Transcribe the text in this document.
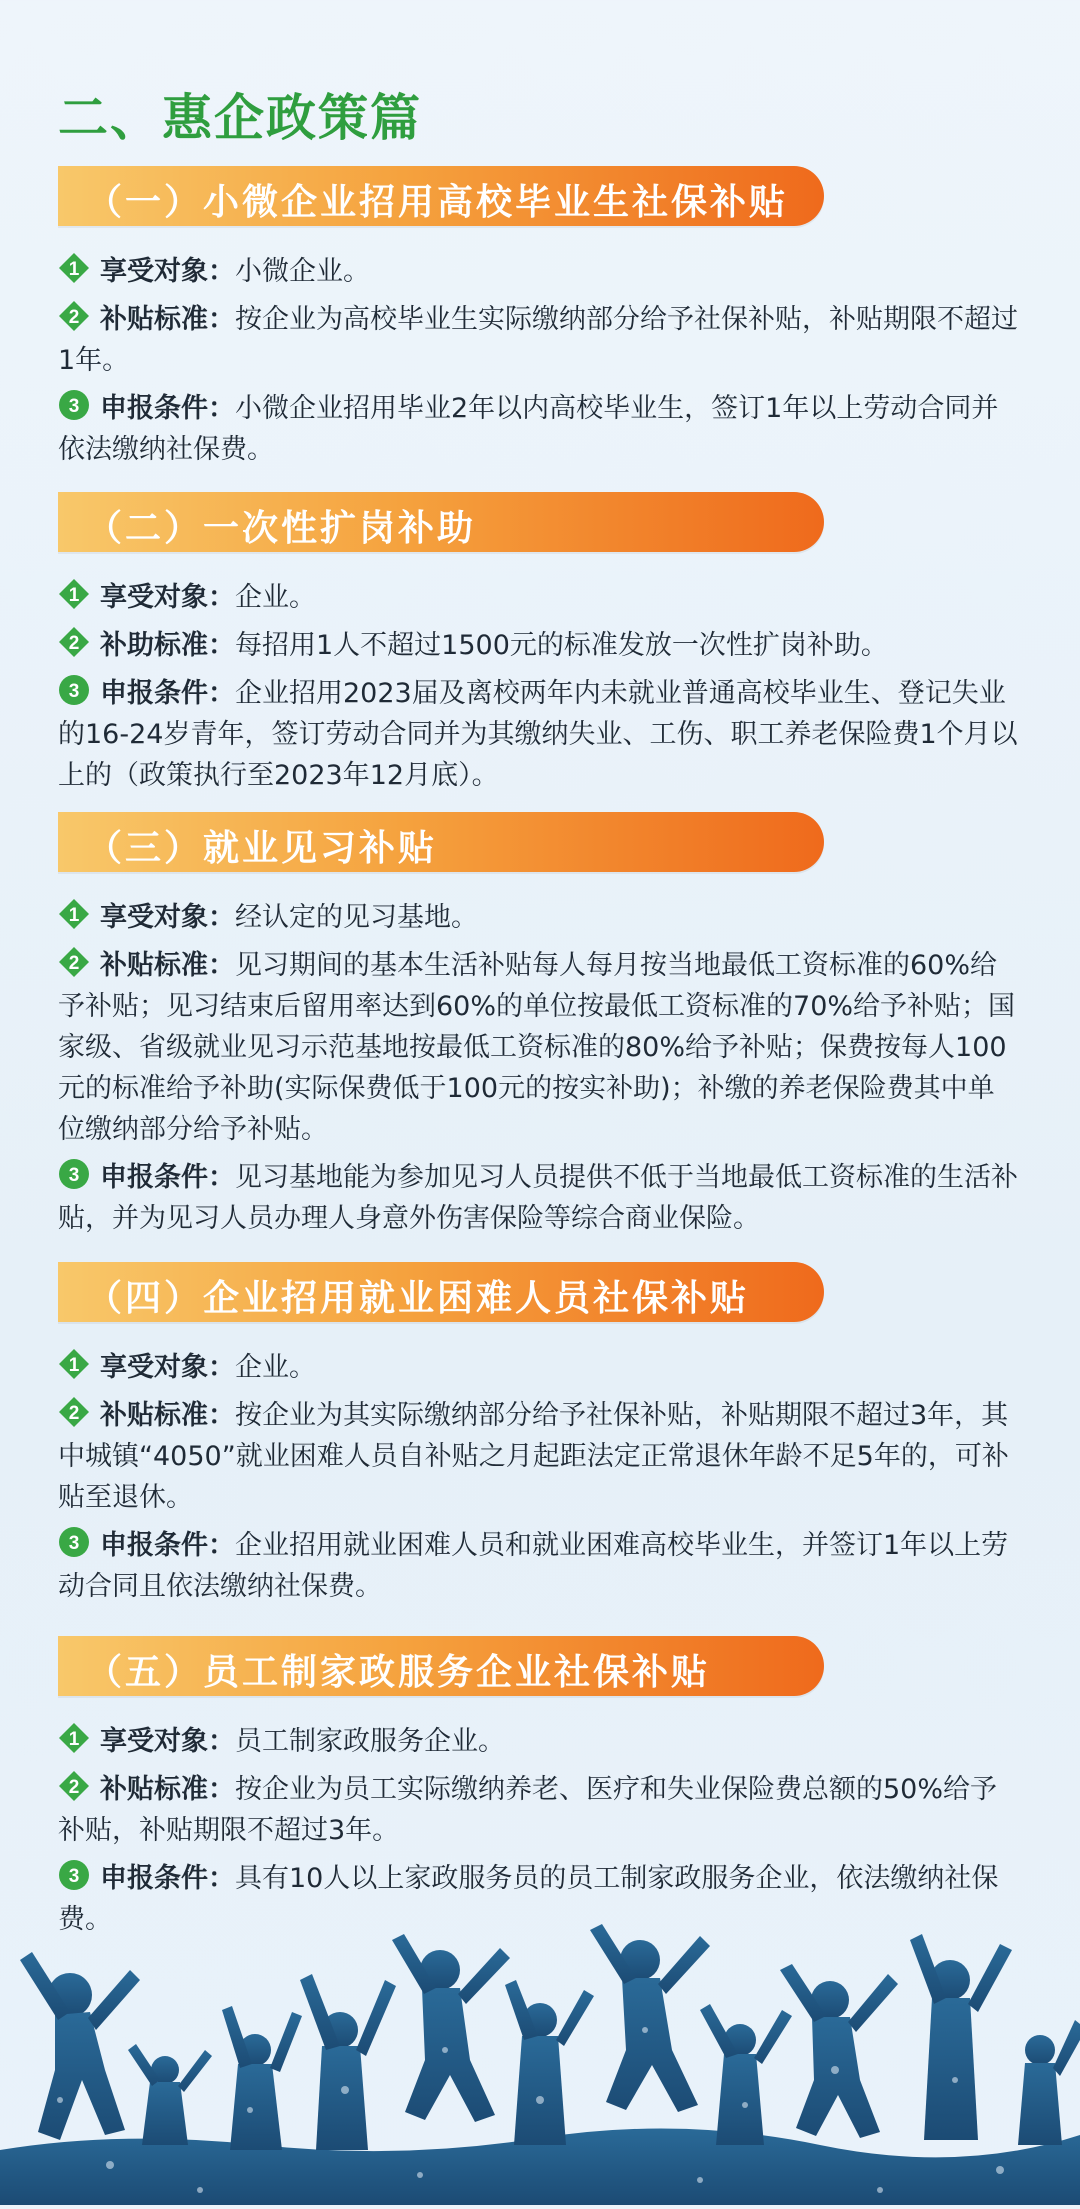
二、惠企政策篇
（一）小微企业招用高校毕业生社保补贴
1 享受对象：小微企业。
2 补贴标准：按企业为高校毕业生实际缴纳部分给予社保补贴，补贴期限不超过1年。
3 申报条件：小微企业招用毕业2年以内高校毕业生，签订1年以上劳动合同并依法缴纳社保费。
（二）一次性扩岗补助
1 享受对象：企业。
2 补助标准：每招用1人不超过1500元的标准发放一次性扩岗补助。
3 申报条件：企业招用2023届及离校两年内未就业普通高校毕业生、登记失业的16-24岁青年，签订劳动合同并为其缴纳失业、工伤、职工养老保险费1个月以上的（政策执行至2023年12月底）。
（三）就业见习补贴
1 享受对象：经认定的见习基地。
2 补贴标准：见习期间的基本生活补贴每人每月按当地最低工资标准的60%给予补贴；见习结束后留用率达到60%的单位按最低工资标准的70%给予补贴；国家级、省级就业见习示范基地按最低工资标准的80%给予补贴；保费按每人100元的标准给予补助(实际保费低于100元的按实补助)；补缴的养老保险费其中单位缴纳部分给予补贴。
3 申报条件：见习基地能为参加见习人员提供不低于当地最低工资标准的生活补贴，并为见习人员办理人身意外伤害保险等综合商业保险。
（四）企业招用就业困难人员社保补贴
1 享受对象：企业。
2 补贴标准：按企业为其实际缴纳部分给予社保补贴，补贴期限不超过3年，其中城镇“4050”就业困难人员自补贴之月起距法定正常退休年龄不足5年的，可补贴至退休。
3 申报条件：企业招用就业困难人员和就业困难高校毕业生，并签订1年以上劳动合同且依法缴纳社保费。
（五）员工制家政服务企业社保补贴
1 享受对象：员工制家政服务企业。
2 补贴标准：按企业为员工实际缴纳养老、医疗和失业保险费总额的50%给予补贴，补贴期限不超过3年。
3 申报条件：具有10人以上家政服务员的员工制家政服务企业，依法缴纳社保费。
